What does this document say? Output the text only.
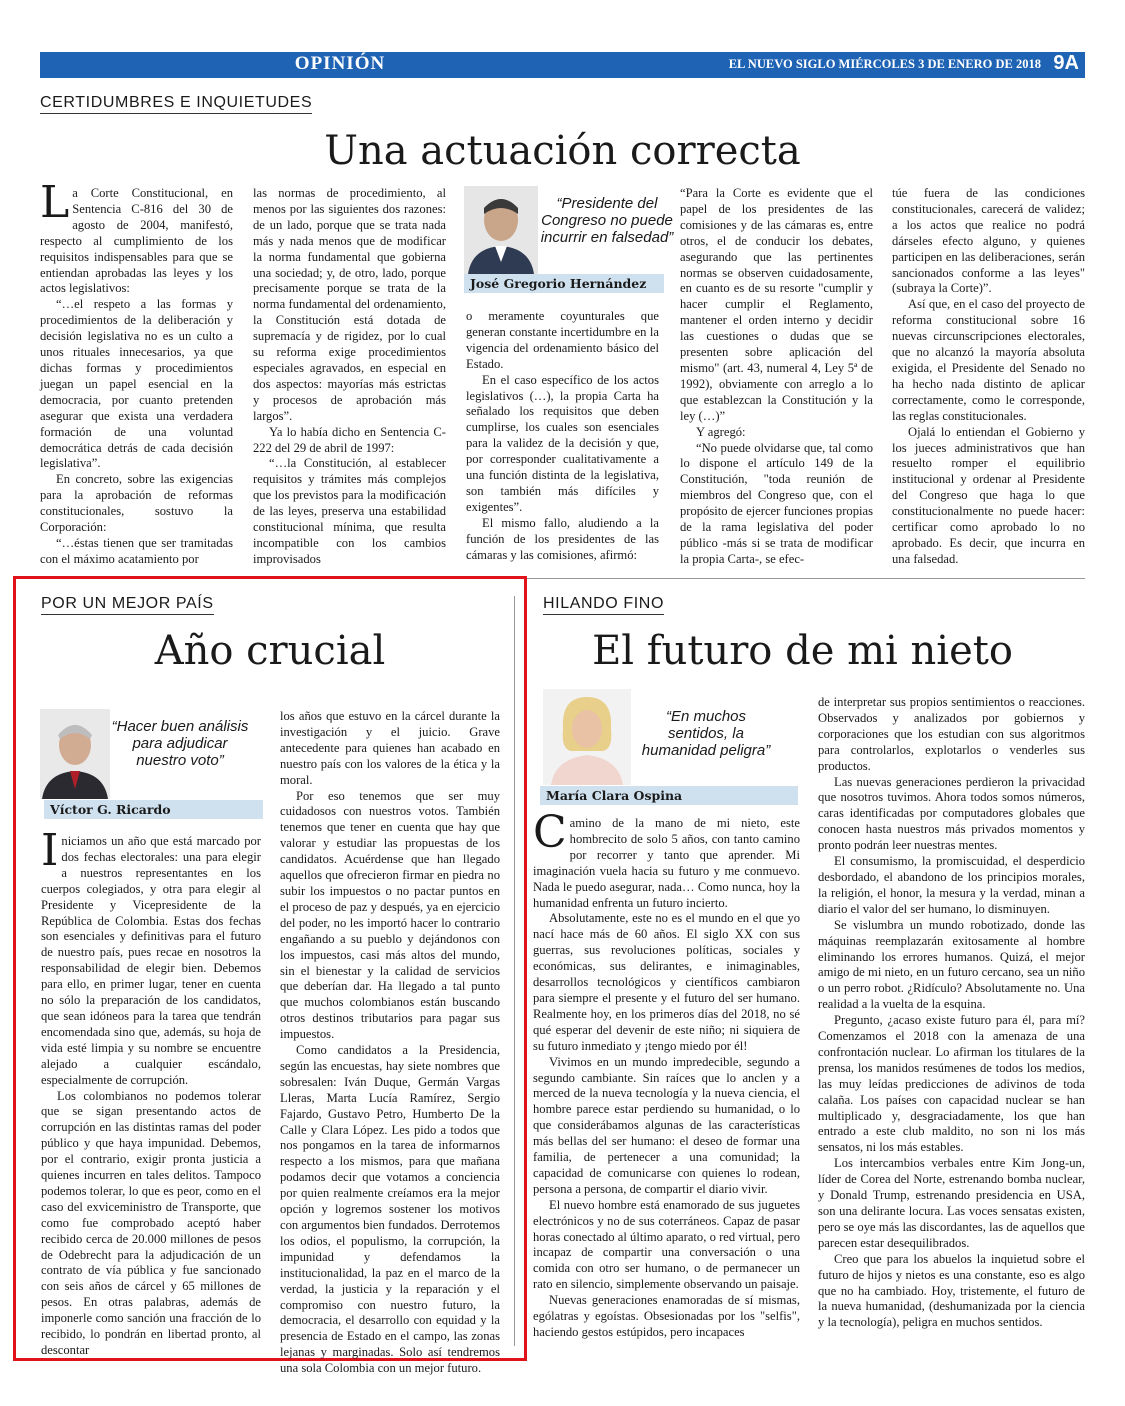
OPINIÓN	EL NUEVO SIGLO MIÉRCOLES 3 DE ENERO DE 2018 9A
CERTIDUMBRES E INQUIETUDES
Una actuación correcta

La Corte Constitucional, en Sentencia C-816 del 30 de agosto de 2004, manifestó, respecto al cumplimiento de los requisitos indispensables para que se entiendan aprobadas las leyes y los actos legislativos:

“…el respeto a las formas y procedimientos de la deliberación y decisión legislativa no es un culto a unos rituales innecesarios, ya que dichas formas y procedimientos juegan un papel esencial en la democracia, por cuanto pretenden asegurar que exista una verdadera formación de una voluntad democrática detrás de cada decisión legislativa”.

En concreto, sobre las exigencias para la aprobación de reformas constitucionales, sostuvo la Corporación:

“…éstas tienen que ser tramitadas con el máximo acatamiento por

las normas de procedimiento, al menos por las siguientes dos razones: de un lado, porque que se trata nada más y nada menos que de modificar la norma fundamental que gobierna una sociedad; y, de otro, lado, porque precisamente porque se trata de la norma fundamental del ordenamiento, la Constitución está dotada de supremacía y de rigidez, por lo cual su reforma exige procedimientos especiales agravados, en especial en dos aspectos: mayorías más estrictas y procesos de aprobación más largos”.

Ya lo había dicho en Sentencia C-222 del 29 de abril de 1997:

“…la Constitución, al establecer requisitos y trámites más complejos que los previstos para la modificación de las leyes, preserva una estabilidad constitucional mínima, que resulta incompatible con los cambios improvisados

“Presidente del Congreso no puede incurrir en falsedad”
José Gregorio Hernández

o meramente coyunturales que generan constante incertidumbre en la vigencia del ordenamiento básico del Estado.

En el caso específico de los actos legislativos (…), la propia Carta ha señalado los requisitos que deben cumplirse, los cuales son esenciales para la validez de la decisión y que, por corresponder cualitativamente a una función distinta de la legislativa, son también más difíciles y exigentes”.

El mismo fallo, aludiendo a la función de los presidentes de las cámaras y las comisiones, afirmó:

“Para la Corte es evidente que el papel de los presidentes de las comisiones y de las cámaras es, entre otros, el de conducir los debates, asegurando que las pertinentes normas se observen cuidadosamente, en cuanto es de su resorte "cumplir y hacer cumplir el Reglamento, mantener el orden interno y decidir las cuestiones o dudas que se presenten sobre aplicación del mismo" (art. 43, numeral 4, Ley 5ª de 1992), obviamente con arreglo a lo que establezcan la Constitución y la ley (…)”

Y agregó:

“No puede olvidarse que, tal como lo dispone el artículo 149 de la Constitución, "toda reunión de miembros del Congreso que, con el propósito de ejercer funciones propias de la rama legislativa del poder público -más si se trata de modificar la propia Carta-, se efec-

túe fuera de las condiciones constitucionales, carecerá de validez; a los actos que realice no podrá dárseles efecto alguno, y quienes participen en las deliberaciones, serán sancionados conforme a las leyes" (subraya la Corte)”.

Así que, en el caso del proyecto de reforma constitucional sobre 16 nuevas circunscripciones electorales, que no alcanzó la mayoría absoluta exigida, el Presidente del Senado no ha hecho nada distinto de aplicar correctamente, como le corresponde, las reglas constitucionales.

Ojalá lo entiendan el Gobierno y los jueces administrativos que han resuelto romper el equilibrio institucional y ordenar al Presidente del Congreso que haga lo que constitucionalmente no puede hacer: certificar como aprobado lo no aprobado. Es decir, que incurra en una falsedad.

POR UN MEJOR PAÍS
Año crucial
“Hacer buen análisis para adjudicar nuestro voto”
Víctor G. Ricardo

Iniciamos un año que está marcado por dos fechas electorales: una para elegir a nuestros representantes en los cuerpos colegiados, y otra para elegir al Presidente y Vicepresidente de la República de Colombia. Estas dos fechas son esenciales y definitivas para el futuro de nuestro país, pues recae en nosotros la responsabilidad de elegir bien. Debemos para ello, en primer lugar, tener en cuenta no sólo la preparación de los candidatos, que sean idóneos para la tarea que tendrán encomendada sino que, además, su hoja de vida esté limpia y su nombre se encuentre alejado a cualquier escándalo, especialmente de corrupción.

Los colombianos no podemos tolerar que se sigan presentando actos de corrupción en las distintas ramas del poder público y que haya impunidad. Debemos, por el contrario, exigir pronta justicia a quienes incurren en tales delitos. Tampoco podemos tolerar, lo que es peor, como en el caso del exviceministro de Transporte, que como fue comprobado aceptó haber recibido cerca de 20.000 millones de pesos de Odebrecht para la adjudicación de un contrato de vía pública y fue sancionado con seis años de cárcel y 65 millones de pesos. En otras palabras, además de imponerle como sanción una fracción de lo recibido, lo pondrán en libertad pronto, al descontar

los años que estuvo en la cárcel durante la investigación y el juicio. Grave antecedente para quienes han acabado en nuestro país con los valores de la ética y la moral.

Por eso tenemos que ser muy cuidadosos con nuestros votos. También tenemos que tener en cuenta que hay que valorar y estudiar las propuestas de los candidatos. Acuérdense que han llegado aquellos que ofrecieron firmar en piedra no subir los impuestos o no pactar puntos en el proceso de paz y después, ya en ejercicio del poder, no les importó hacer lo contrario engañando a su pueblo y dejándonos con los impuestos, casi más altos del mundo, sin el bienestar y la calidad de servicios que deberían dar. Ha llegado a tal punto que muchos colombianos están buscando otros destinos tributarios para pagar sus impuestos.

Como candidatos a la Presidencia, según las encuestas, hay siete nombres que sobresalen: Iván Duque, Germán Vargas Lleras, Marta Lucía Ramírez, Sergio Fajardo, Gustavo Petro, Humberto De la Calle y Clara López. Les pido a todos que nos pongamos en la tarea de informarnos respecto a los mismos, para que mañana podamos decir que votamos a conciencia por quien realmente creíamos era la mejor opción y logremos sostener los motivos con argumentos bien fundados. Derrotemos los odios, el populismo, la corrupción, la impunidad y defendamos la institucionalidad, la paz en el marco de la verdad, la justicia y la reparación y el compromiso con nuestro futuro, la democracia, el desarrollo con equidad y la presencia de Estado en el campo, las zonas lejanas y marginadas. Solo así tendremos una sola Colombia con un mejor futuro.

HILANDO FINO
El futuro de mi nieto
“En muchos sentidos, la humanidad peligra”
María Clara Ospina

Camino de la mano de mi nieto, este hombrecito de solo 5 años, con tanto camino por recorrer y tanto que aprender. Mi imaginación vuela hacia su futuro y me conmuevo. Nada le puedo asegurar, nada… Como nunca, hoy la humanidad enfrenta un futuro incierto.

Absolutamente, este no es el mundo en el que yo nací hace más de 60 años. El siglo XX con sus guerras, sus revoluciones políticas, sociales y económicas, sus delirantes, e inimaginables, desarrollos tecnológicos y científicos cambiaron para siempre el presente y el futuro del ser humano. Realmente hoy, en los primeros días del 2018, no sé qué esperar del devenir de este niño; ni siquiera de su futuro inmediato y ¡tengo miedo por él!

Vivimos en un mundo impredecible, segundo a segundo cambiante. Sin raíces que lo anclen y a merced de la nueva tecnología y la nueva ciencia, el hombre parece estar perdiendo su humanidad, o lo que considerábamos algunas de las características más bellas del ser humano: el deseo de formar una familia, de pertenecer a una comunidad; la capacidad de comunicarse con quienes lo rodean, persona a persona, de compartir el diario vivir.

El nuevo hombre está enamorado de sus juguetes electrónicos y no de sus coterráneos. Capaz de pasar horas conectado al último aparato, o red virtual, pero incapaz de compartir una conversación o una comida con otro ser humano, o de permanecer un rato en silencio, simplemente observando un paisaje.

Nuevas generaciones enamoradas de sí mismas, ególatras y egoístas. Obsesionadas por los "selfis", haciendo gestos estúpidos, pero incapaces

de interpretar sus propios sentimientos o reacciones. Observados y analizados por gobiernos y corporaciones que los estudian con sus algoritmos para controlarlos, explotarlos o venderles sus productos.

Las nuevas generaciones perdieron la privacidad que nosotros tuvimos. Ahora todos somos números, caras identificadas por computadores globales que conocen hasta nuestros más privados momentos y pronto podrán leer nuestras mentes.

El consumismo, la promiscuidad, el desperdicio desbordado, el abandono de los principios morales, la religión, el honor, la mesura y la verdad, minan a diario el valor del ser humano, lo disminuyen.

Se vislumbra un mundo robotizado, donde las máquinas reemplazarán exitosamente al hombre eliminando los errores humanos. Quizá, el mejor amigo de mi nieto, en un futuro cercano, sea un niño o un perro robot. ¿Ridículo? Absolutamente no. Una realidad a la vuelta de la esquina.

Pregunto, ¿acaso existe futuro para él, para mí? Comenzamos el 2018 con la amenaza de una confrontación nuclear. Lo afirman los titulares de la prensa, los manidos resúmenes de todos los medios, las muy leídas predicciones de adivinos de toda calaña. Los países con capacidad nuclear se han multiplicado y, desgraciadamente, los que han entrado a este club maldito, no son ni los más sensatos, ni los más estables.

Los intercambios verbales entre Kim Jong-un, líder de Corea del Norte, estrenando bomba nuclear, y Donald Trump, estrenando presidencia en USA, son una delirante locura. Las voces sensatas existen, pero se oye más las discordantes, las de aquellos que parecen estar desequilibrados.

Creo que para los abuelos la inquietud sobre el futuro de hijos y nietos es una constante, eso es algo que no ha cambiado. Hoy, tristemente, el futuro de la nueva humanidad, (deshumanizada por la ciencia y la tecnología), peligra en muchos sentidos.
